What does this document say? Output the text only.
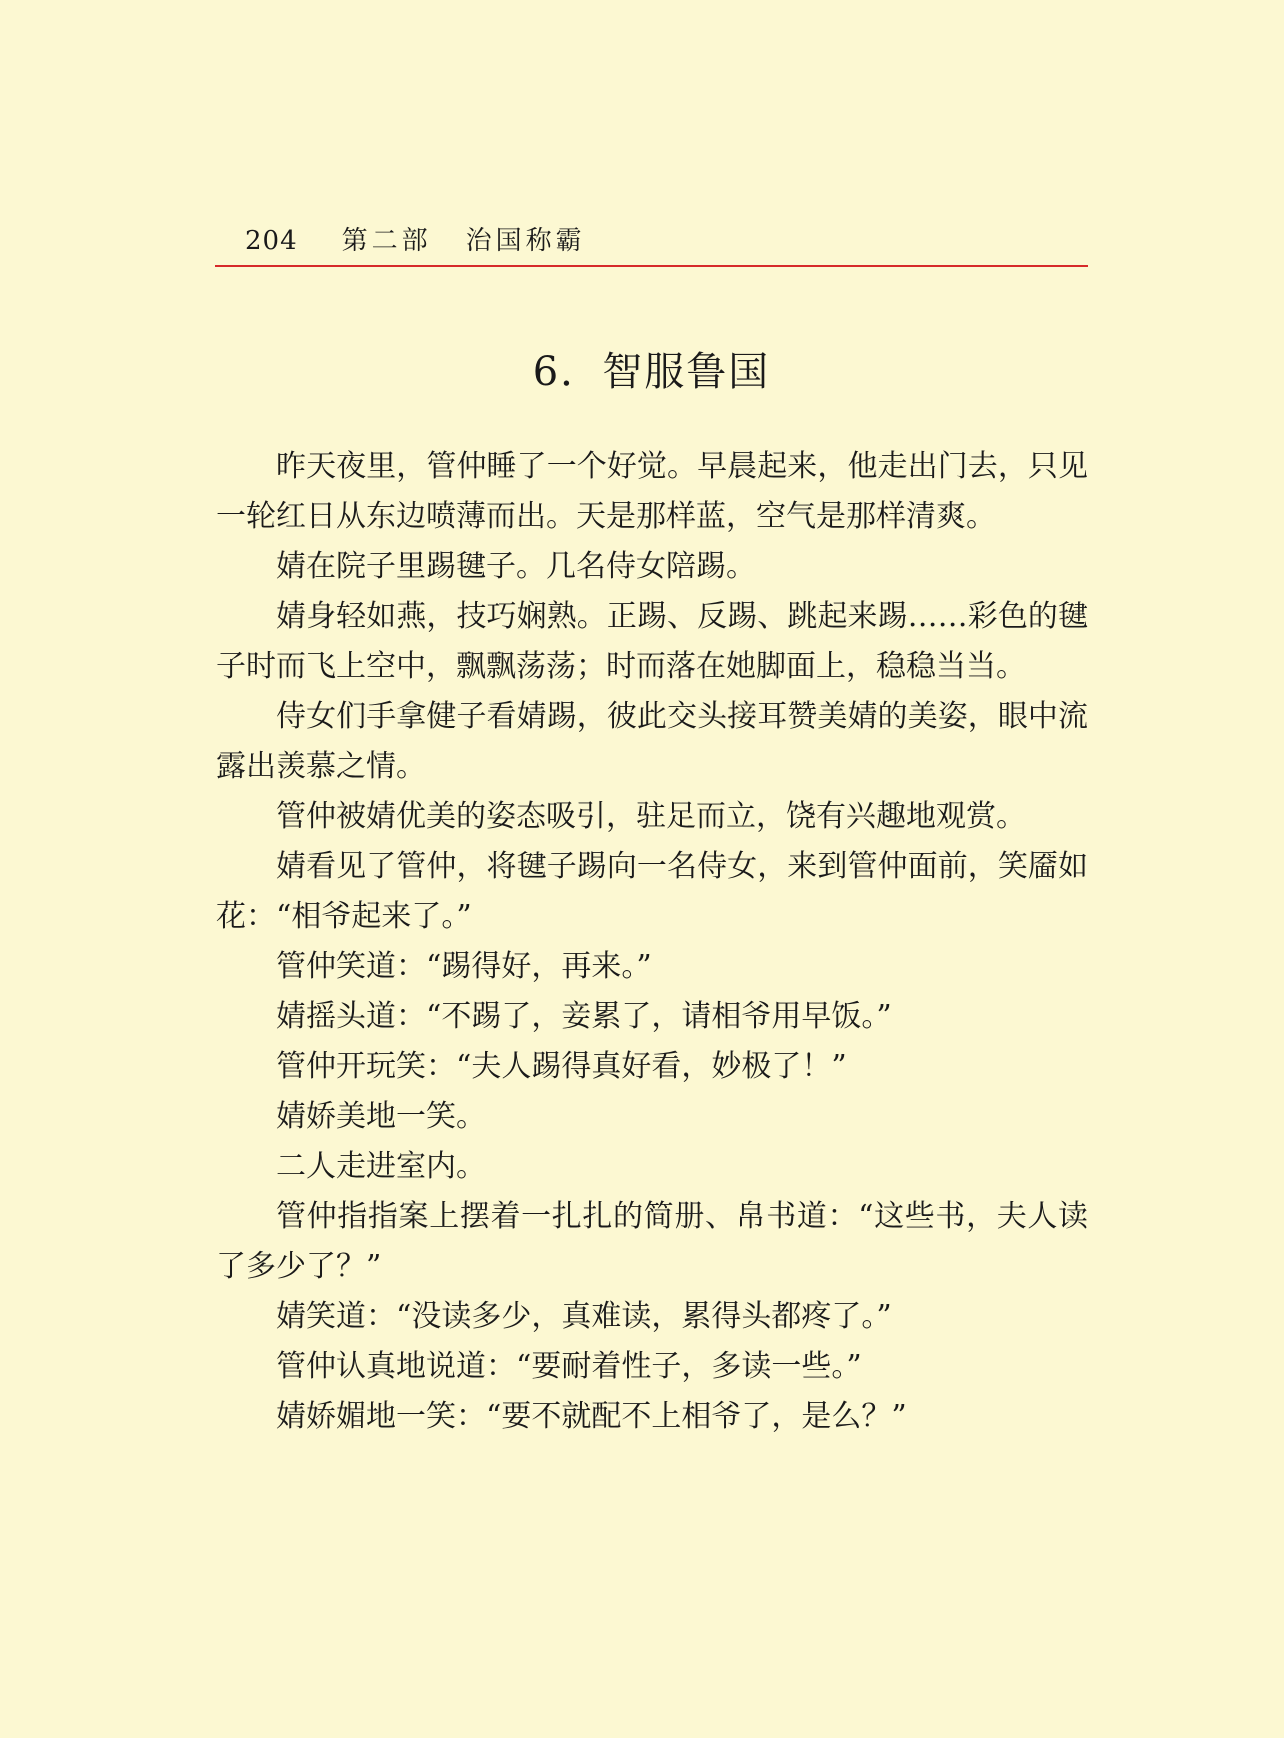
204 第二部 治国称霸
6．智服鲁国

昨天夜里，管仲睡了一个好觉。早晨起来，他走出门去，只见一轮红日从东边喷薄而出。天是那样蓝，空气是那样清爽。

婧在院子里踢毽子。几名侍女陪踢。

婧身轻如燕，技巧娴熟。正踢、反踢、跳起来踢……彩色的毽子时而飞上空中，飘飘荡荡；时而落在她脚面上，稳稳当当。

侍女们手拿健子看婧踢，彼此交头接耳赞美婧的美姿，眼中流露出羡慕之情。

管仲被婧优美的姿态吸引，驻足而立，饶有兴趣地观赏。

婧看见了管仲，将毽子踢向一名侍女，来到管仲面前，笑靥如花：“相爷起来了。”

管仲笑道：“踢得好，再来。”

婧摇头道：“不踢了，妾累了，请相爷用早饭。”

管仲开玩笑：“夫人踢得真好看，妙极了！”

婧娇美地一笑。

二人走进室内。

管仲指指案上摆着一扎扎的简册、帛书道：“这些书，夫人读了多少了？”

婧笑道：“没读多少，真难读，累得头都疼了。”

管仲认真地说道：“要耐着性子，多读一些。”

婧娇媚地一笑：“要不就配不上相爷了，是么？”
